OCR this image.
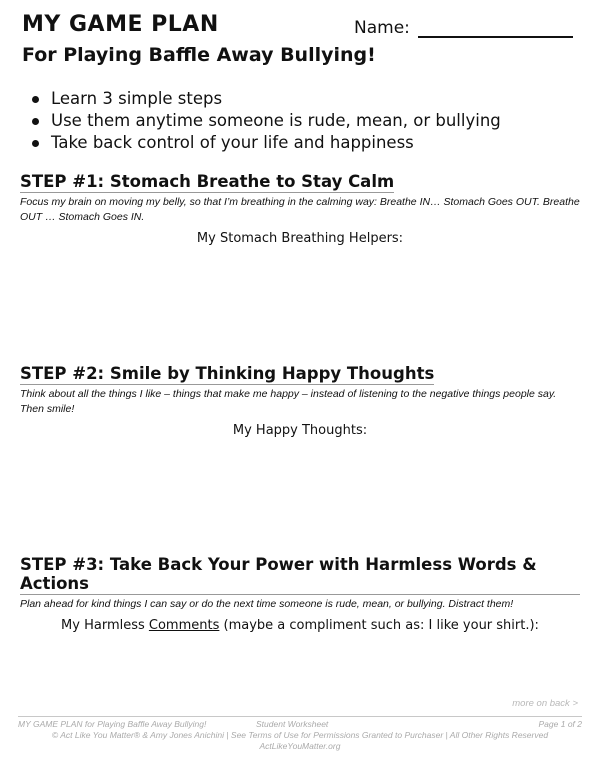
MY GAME PLAN	Name:
For Playing Baffle Away Bullying!
Learn 3 simple steps
Use them anytime someone is rude, mean, or bullying
Take back control of your life and happiness
STEP #1: Stomach Breathe to Stay Calm

Focus my brain on moving my belly, so that I’m breathing in the calming way: Breathe IN… Stomach Goes OUT. Breathe OUT … Stomach Goes IN.

My Stomach Breathing Helpers:

STEP #2: Smile by Thinking Happy Thoughts

Think about all the things I like – things that make me happy – instead of listening to the negative things people say. Then smile!

My Happy Thoughts:

STEP #3: Take Back Your Power with Harmless Words & Actions

Plan ahead for kind things I can say or do the next time someone is rude, mean, or bullying. Distract them!

My Harmless Comments (maybe a compliment such as: I like your shirt.):

more on back >
MY GAME PLAN for Playing Baffle Away Bullying!	Student Worksheet	Page 1 of 2
© Act Like You Matter® & Amy Jones Anichini | See Terms of Use for Permissions Granted to Purchaser | All Other Rights Reserved
ActLikeYouMatter.org
